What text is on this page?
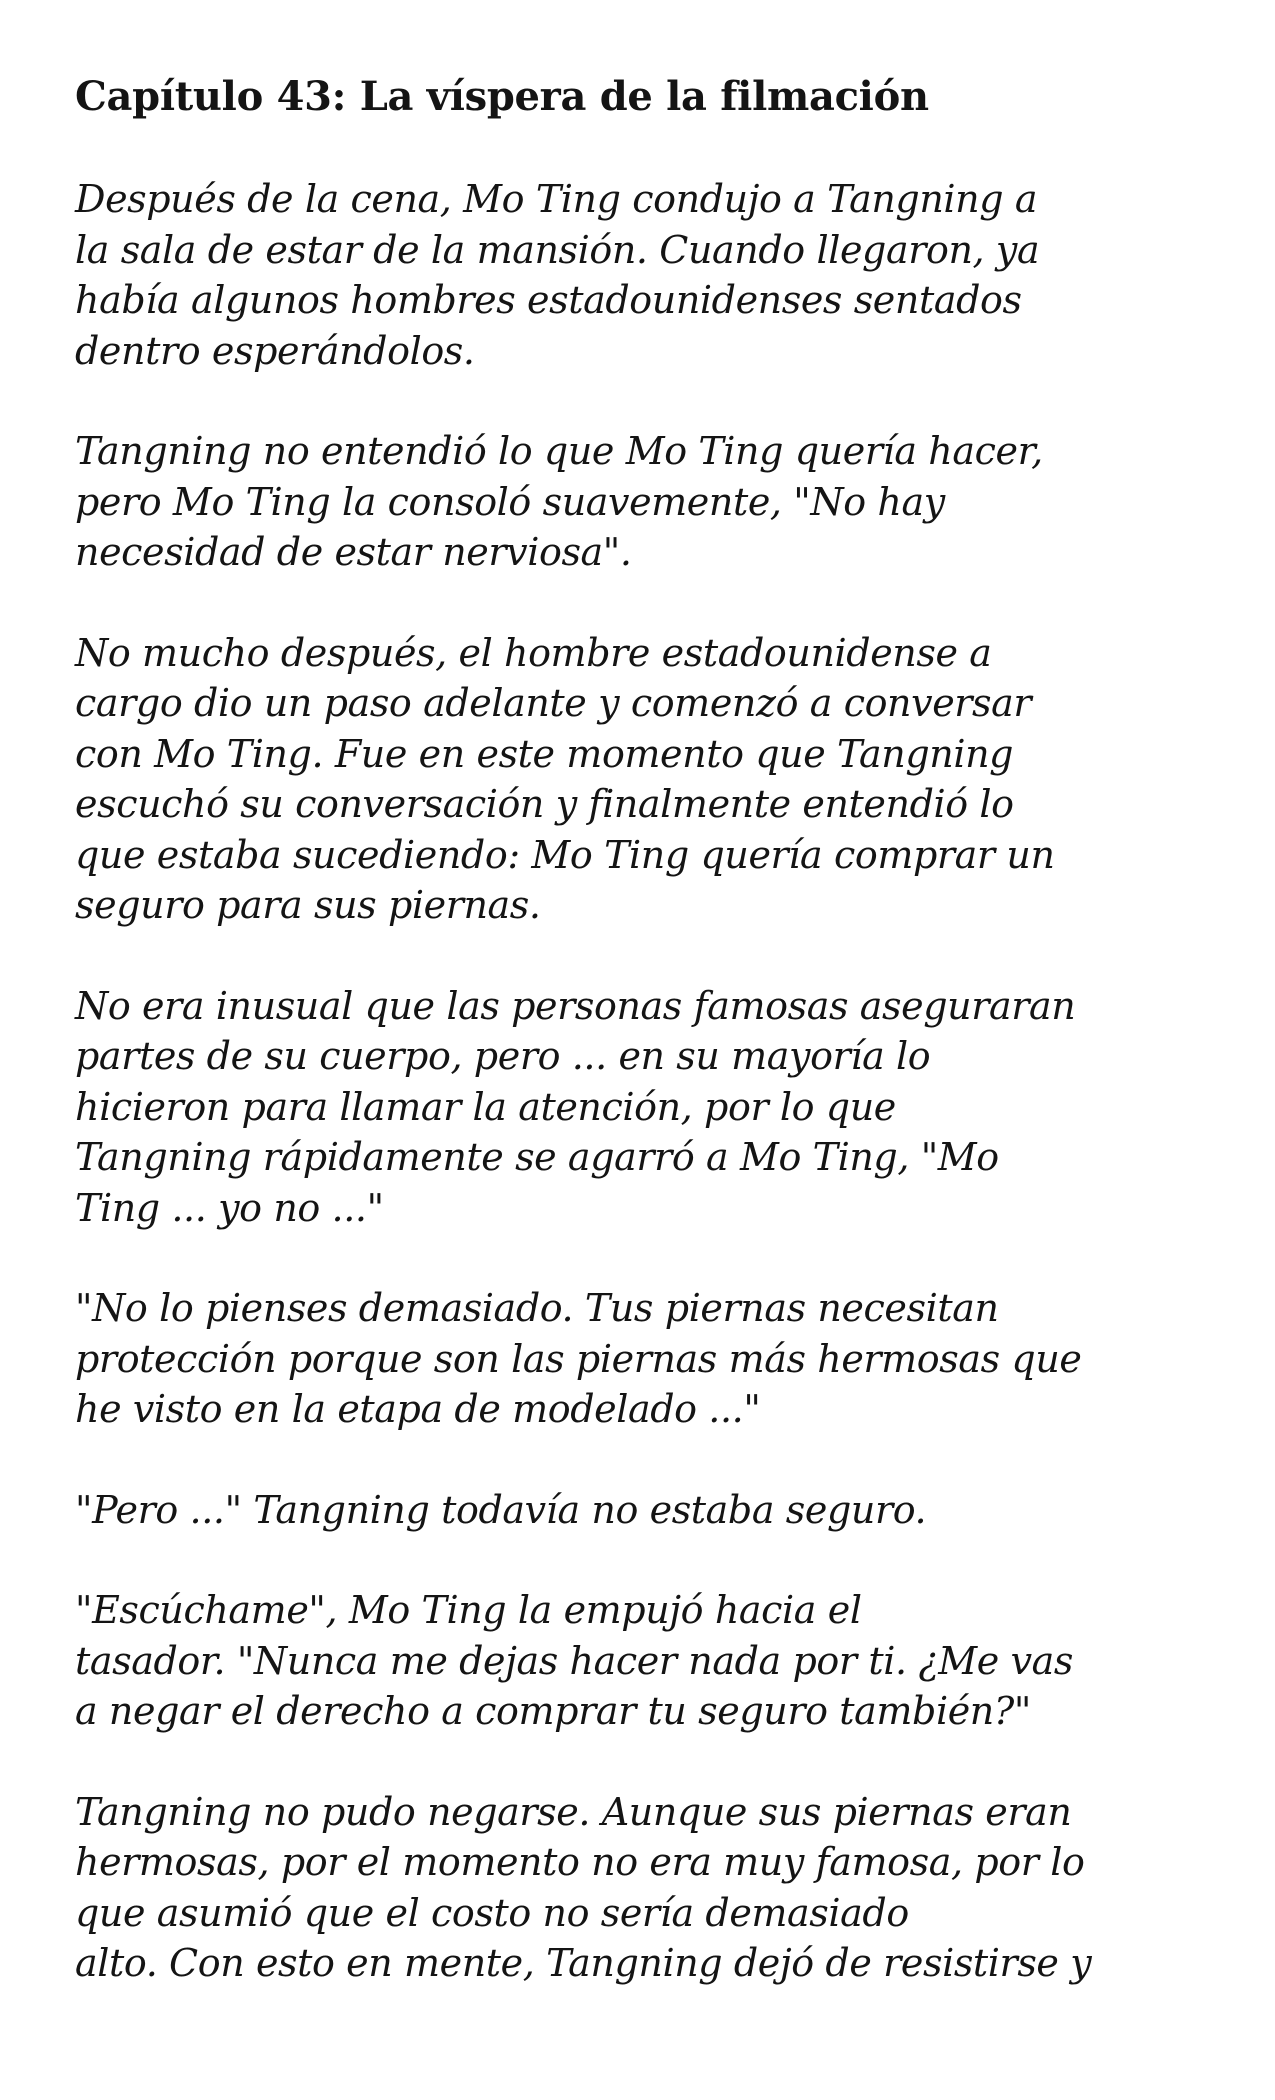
Capítulo 43: La víspera de la filmación
Después de la cena, Mo Ting condujo a Tangning a
la sala de estar de la mansión. Cuando llegaron, ya
había algunos hombres estadounidenses sentados
dentro esperándolos.
Tangning no entendió lo que Mo Ting quería hacer,
pero Mo Ting la consoló suavemente, "No hay
necesidad de estar nerviosa".
No mucho después, el hombre estadounidense a
cargo dio un paso adelante y comenzó a conversar
con Mo Ting. Fue en este momento que Tangning
escuchó su conversación y finalmente entendió lo
que estaba sucediendo: Mo Ting quería comprar un
seguro para sus piernas.
No era inusual que las personas famosas aseguraran
partes de su cuerpo, pero ... en su mayoría lo
hicieron para llamar la atención, por lo que
Tangning rápidamente se agarró a Mo Ting, "Mo
Ting ... yo no ..."
"No lo pienses demasiado. Tus piernas necesitan
protección porque son las piernas más hermosas que
he visto en la etapa de modelado ..."
"Pero ..." Tangning todavía no estaba seguro.
"Escúchame", Mo Ting la empujó hacia el
tasador. "Nunca me dejas hacer nada por ti. ¿Me vas
a negar el derecho a comprar tu seguro también?"
Tangning no pudo negarse. Aunque sus piernas eran
hermosas, por el momento no era muy famosa, por lo
que asumió que el costo no sería demasiado
alto. Con esto en mente, Tangning dejó de resistirse y
